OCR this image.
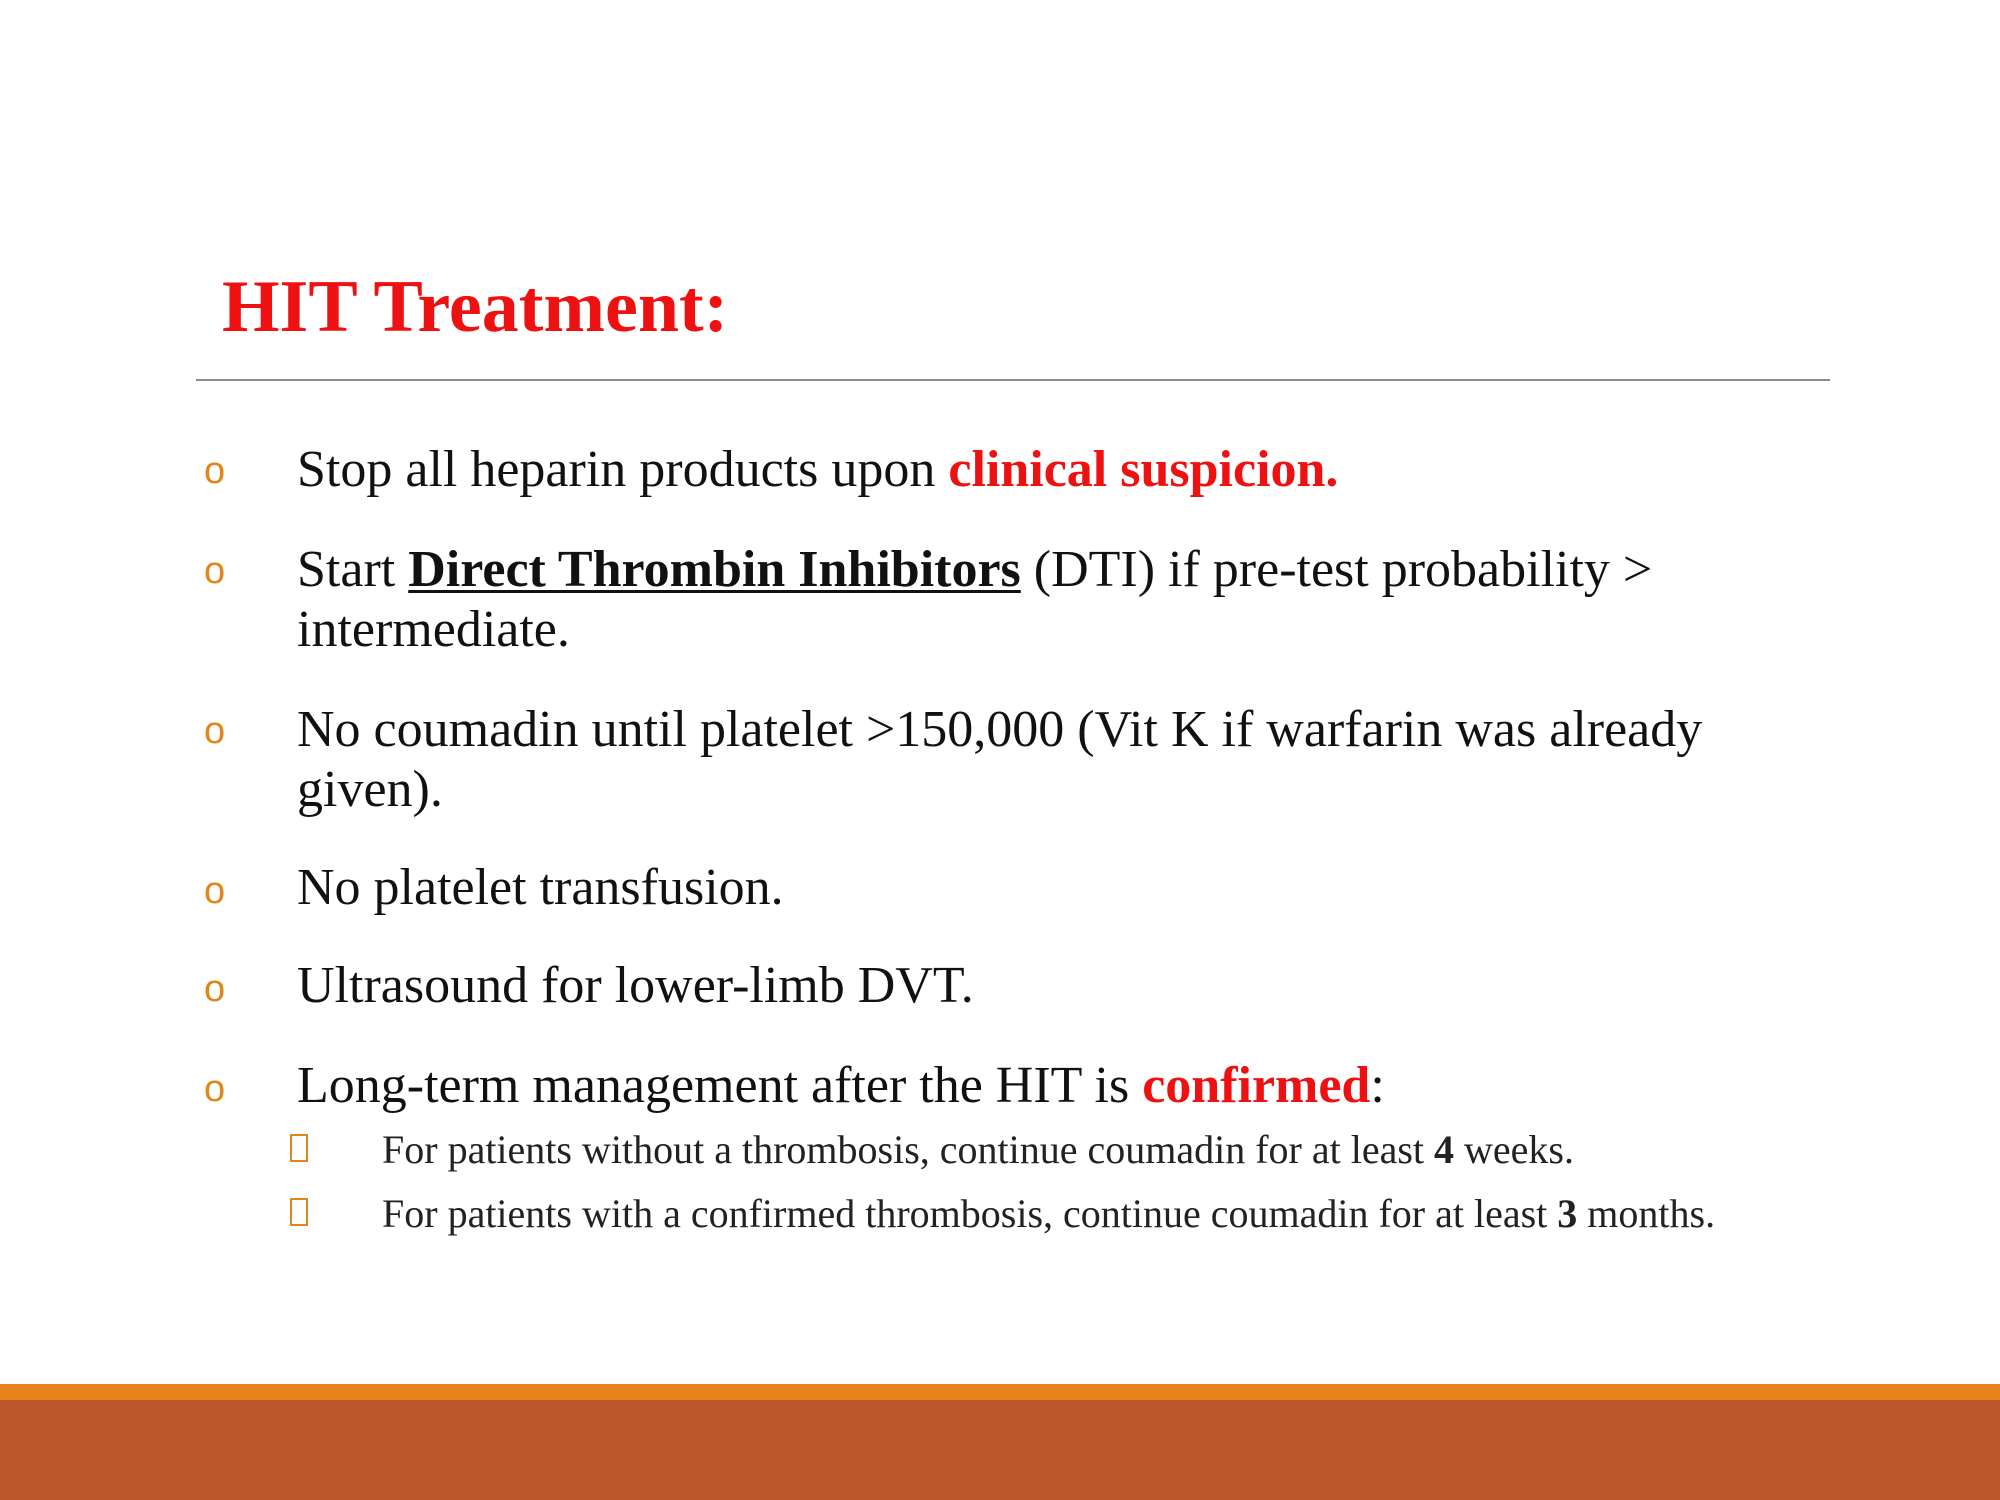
HIT Treatment:
o Stop all heparin products upon clinical suspicion.
o Start Direct Thrombin Inhibitors (DTI) if pre-test probability > intermediate.
o No coumadin until platelet >150,000 (Vit K if warfarin was already given).
o No platelet transfusion.
o Ultrasound for lower-limb DVT.
o Long-term management after the HIT is confirmed:
For patients without a thrombosis, continue coumadin for at least 4 weeks.
For patients with a confirmed thrombosis, continue coumadin for at least 3 months.
